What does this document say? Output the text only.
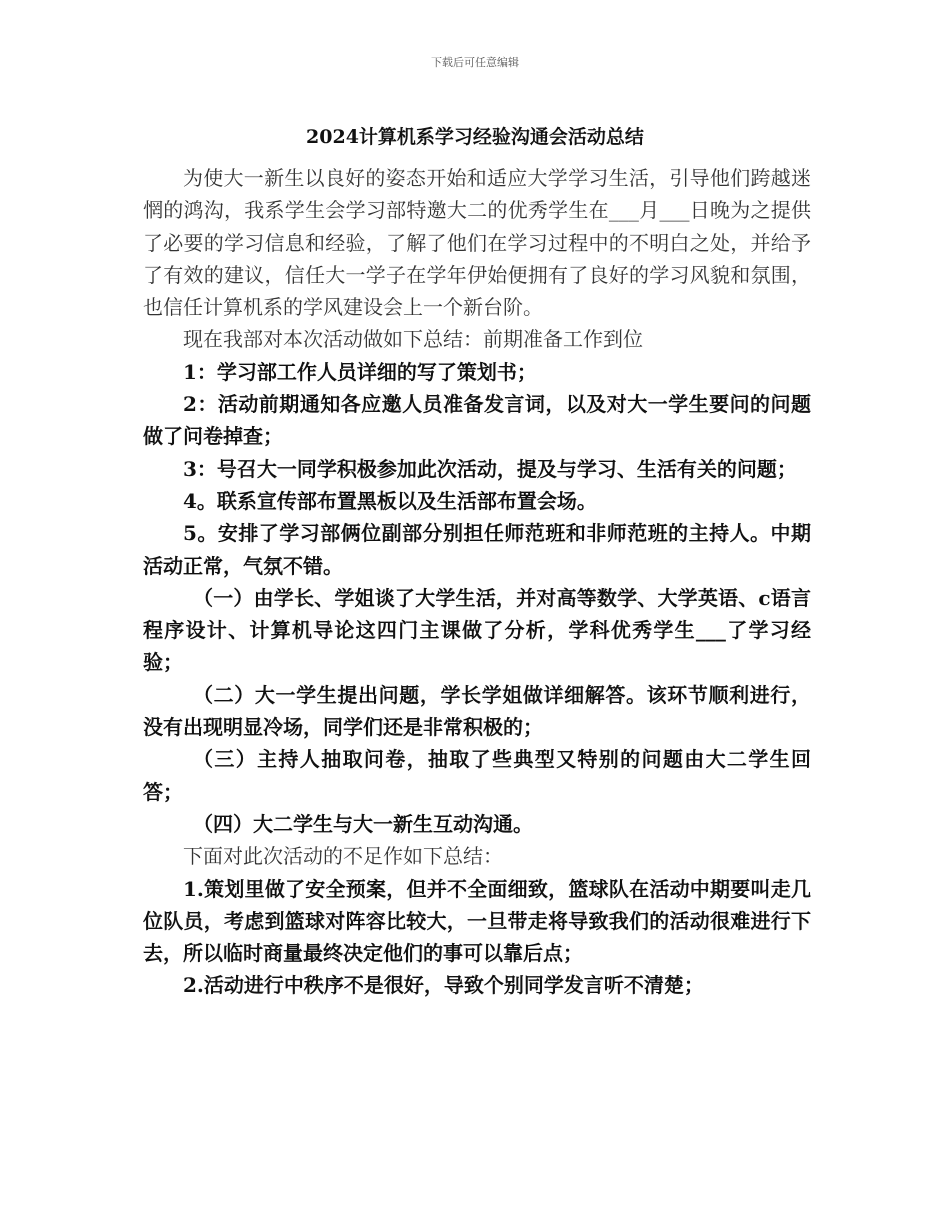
下载后可任意编辑
2024计算机系学习经验沟通会活动总结

为使大一新生以良好的姿态开始和适应大学学习生活，引导他们跨越迷惘的鸿沟，我系学生会学习部特邀大二的优秀学生在___月___日晚为之提供了必要的学习信息和经验，了解了他们在学习过程中的不明白之处，并给予了有效的建议，信任大一学子在学年伊始便拥有了良好的学习风貌和氛围，也信任计算机系的学风建设会上一个新台阶。

现在我部对本次活动做如下总结：前期准备工作到位

1：学习部工作人员详细的写了策划书；

2：活动前期通知各应邀人员准备发言词，以及对大一学生要问的问题做了问卷掉查；

3：号召大一同学积极参加此次活动，提及与学习、生活有关的问题；

4。联系宣传部布置黑板以及生活部布置会场。

5。安排了学习部俩位副部分别担任师范班和非师范班的主持人。中期活动正常，气氛不错。

（一）由学长、学姐谈了大学生活，并对高等数学、大学英语、c语言程序设计、计算机导论这四门主课做了分析，学科优秀学生___了学习经验；

（二）大一学生提出问题，学长学姐做详细解答。该环节顺利进行，没有出现明显冷场，同学们还是非常积极的；

（三）主持人抽取问卷，抽取了些典型又特别的问题由大二学生回答；

（四）大二学生与大一新生互动沟通。

下面对此次活动的不足作如下总结：

1.策划里做了安全预案，但并不全面细致，篮球队在活动中期要叫走几位队员，考虑到篮球对阵容比较大，一旦带走将导致我们的活动很难进行下去，所以临时商量最终决定他们的事可以靠后点；

2.活动进行中秩序不是很好，导致个别同学发言听不清楚；
